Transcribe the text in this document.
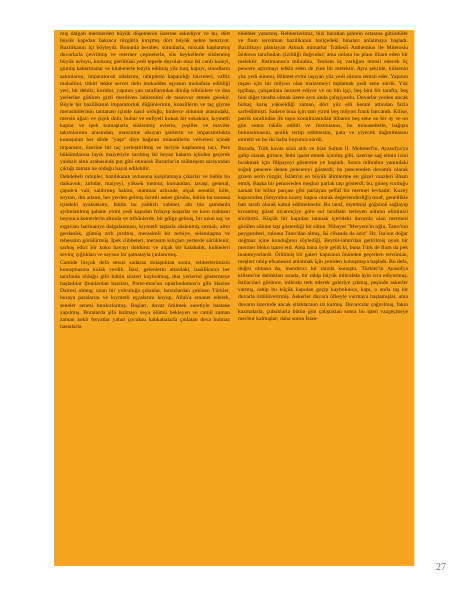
mış dalgalı mermerden büyük döşemenin üzerine askediyor ve bu, dört büyük kapıdan bakınca rüzgârla kırışmış dört büyük nehre benziyor. Bazilikanın içi böyleydi. Bununla beraber, sütunlarla, mozaik kaplanmış duvarlarla çevrilmiş ve mermer çeşmelerle, süs heykellerle süslenmiş büyük avluyu, korkunç gürültüsü yedi tepede duyulan otuz iki canlı kuleyi, gümüş kabartmalar ve kitabelerle tezyin edilmiş yüz tunç kapıyı, sinodların salonlarını, imparatorun odalarını, rahiplerin kapandığı hücreleri, vaftiz mahallini, titkiri tekke servet dolu mukaddes eşyanın muhafaza edildiği yeri, bir dehliz, koridor, yapının yan taraflarından dönüp tribünlere ve dua yerlerine götüren gizli merdiven labirentini de tasavvur etmek gerekir. Böyle bir bazilikanın imparatorluk düğünlerinin, konsillerin ve taç giyme merasimlerinin tantanası içinde nasıl olduğu, binlerce sütunun arasındaki, mersin ağacı ve çiçek dolu, buhur ve enfiyeli kokan bir sokaktan, kıymetli kaplar ve ipek kumaşlarla süslenmiş evlerin, yeşiller ve maviler takımlarının arasından, manzume okuyan şairlerin ve imparatorlukta konuşulan her dilde "yaşa" diye bağıran münadilerin velvelesi içinde imparator, üzerine bir taç yerleştirilmiş ve inciyle kaplanmış taçı, Pers hükümdarına layık maiyetiyle sarılmış iki beyaz katarın içinden geçerek yaldızlı altın arabasında put gibi oturarak Bazarlar'ın mühteşem sarayından çıktığı zaman ne olduğu hayal edilebilir.

Debdebeli rahipler, bazilikanın avlusuna karşılamaya çıkarlar ve bütün bu dalkavuk, zırhdar, maiyeyi, yüksek memur, kumandan, tavaşi, general, çapulcu vali, saldırmış hakim, utanmaz aslızade, alçak senatör, köle, soytarı, din adamı, her yerden gelmiş ücretli asker güruhu, bütün bu tantana içindeki ayaktakımı, bütün bu yaldızlı vahmet, altı bin şamdanla aydınlatılmış şahane yirmi yedi kapıdan fırlayıp koşarlar ve koro trabzanı boyunca kemerlerin altında ve tribünlerde, bir gölge gelmiş, bir uzun saç ve ergavanı harmaniye dalgalanması, kıymetli taşlarla süslenmiş sırmalı, altın gerdanlık, gümüş zırh pırıltısı, merasimli bir terbiye, selamlaşma ve tebessüm görülürmüş. İpek cübbeleri, merasim kılıçları yerlerde sürüklenir, sarhoş edici bir koku havayı doldurur ve alçak bir kalabalık, kubbeleri sevinç çığlıkları ve sayısız bir şamatayla çınlatırmış.

Camide birçok defa sessiz sadaraz dolaştıktan sonra, rehberlerimizin konuşmasına kulak verdik. İkisi, gelenlerin altındaki, bazilikanın her tarafında olduğu gibi bütün süsleri kaybolmuş, dua yerlerini göstermeye başladılar (bunlardan bazıları, Parte-mon'un opisthodomos'u gibi Hazine Dairesi olmuş; uzun bir yolculuğa çıkanlar, hırsızlardan çekinen Türkler, buraya paralarını ve kıymetli eşyalarını koyup, Allah'a emanet ederek, seneler senesi bırakırlarmış. Başları, duvar örülmek suretiyle hastane yapılmış. Buralarda şifa bulmayı veya ölümü bekleyen ve camii zaman zaman aoklı feryatlar yahut çocuksu kahkahalarla çınlatan deva bulmaz hastalarla

ehlehler yatarmış. Rehberlerimiz, bizi buradan şahrein ortasına götürdüler ve flum tercüman bazilikanın hariçedeki binaları anlatmaya başladı. Bazilikayı planlayan Atinalı mimarlar Trallesli Anthemios ile Miletoslu İsidoros tarafından çizildiği doğrudur; ama onlara bu planı ilham eden bir melektir. Jüstinianus'a mihrabta, Teslisin üç varlığını temsil edecek üç pencere açtırmayı telkin eden de yine bir melektir. Aynı şekilde, kilisenin yüz yedi sütunu, Hikmet evini taşıyan yüz yedi sütunu temsil eder. Yapının inşası için bir milyon olan malzemeyi toplamak yedi sene sürdü. Yüz işçibaşı, çalışanlara nezaret ediyor ve on bin işçi, beş bini bir tarafta, beş bini diğer tarafta olmak üzere aynı anda çalışıyordu. Duvarlar yerden ancak birkaç karış yükseldiği zaman, dört yüz elli kental altından fazla sarfedilmişti. Sadece bina için tam yirmi beş milyon frank harcandı. Kilise, patrik tarafından ilk taşın konulmasından itibaren beş sene on bir ay ve on gün sonra takdis edildi ve Justinianus, bu münasebetle, bağışta bulunulmasını, şenlik tertip edilmesini, para ve yiyecek dağıtılmasını emretti ve bu iki hafta boyunca sürdü.

Burada, Türk kavas sözü aldı ve bize Sultan II. Mehmed'in, Ayasofya'ya galip olarak girince, fethi işaret etmek içinmiş gibi, üzerine sağ elinin izini bırakmak için filipayeyi gösterme ye başladı. Sonra mihrabın yanındaki soğuk pencere denen pencereyi gösterdi; bu pencereden devamlı olarak gizem serin rüzgâr, İslâm'ın en büyük âlimlerine en güzel vaazleri ilham etmiş. Başka bir pencereden meşhur parlak taşı gösterdi; bu, güneş vurduğu zaman bir billur parçası gibi parlayan şeffaf bir mermer levhadır. Kuzey kapısından (Smyrahın kuzey kapısı olarak değerlendirdiği) turaf, genellikle batı tarafı olarak kabul edilmektedir. Bu taraf, niyetinişi göğsünü sağlayıp kıvanmış güzel ziyaretçiye göre sol taraftaki terleyen sütunu eliminizi sürdürttü. Küçük bir kapıdan taranak içerideki duvarda olan mermeri görülen sütune taşı gösterdiği bir sütun. Nihayet "Meryem'in oğlu, Tanrı'nın peygamberi, ruhunu Tanrı'dan almış, iki cihanda da aziz" Hz. İsa'nın doğar doğmaz içine konduğunu söylediği, Beytül-lahm'dan getirilmiş oyuk bir mermer bloku işaret etti. Ama bana öyle geldi ki, buna Türk de flum da pek inanmıyorlardı. Örülmüş bir galeri kapısının önünden geçerken tercüman, meşhur rahip efsanesini anlatmak için yeniden konuşmaya başladı. Bu defa, doğru olmasa da, inandırıcı bir tarzda konuştu. Türkler'in Ayasofya kilisesi'ne daldıkları sırada, bir rahip büyük mihrabda âyin icra ediyormuş. İstilacıları görünce, mihrabı terk ederek galeriye çıkmış, peşinde askerler varmış, rahip bu küçük kapıdan geçip kaybolunca, kapı, o anda taş bir duvarla örtülüverirmiş. Askerler duvara öfkeyle vurmaya başlamışlar, ama duvarın üzerinde ancak silahlarının izi kalmış. Duvarcılar çağırılmış, fakin kazmalarla, çubuklarla bütün gün çalıştıktan sonra bu işten vazgeçmeye mecbur kalmışlar; daha sonra İstan-

27
